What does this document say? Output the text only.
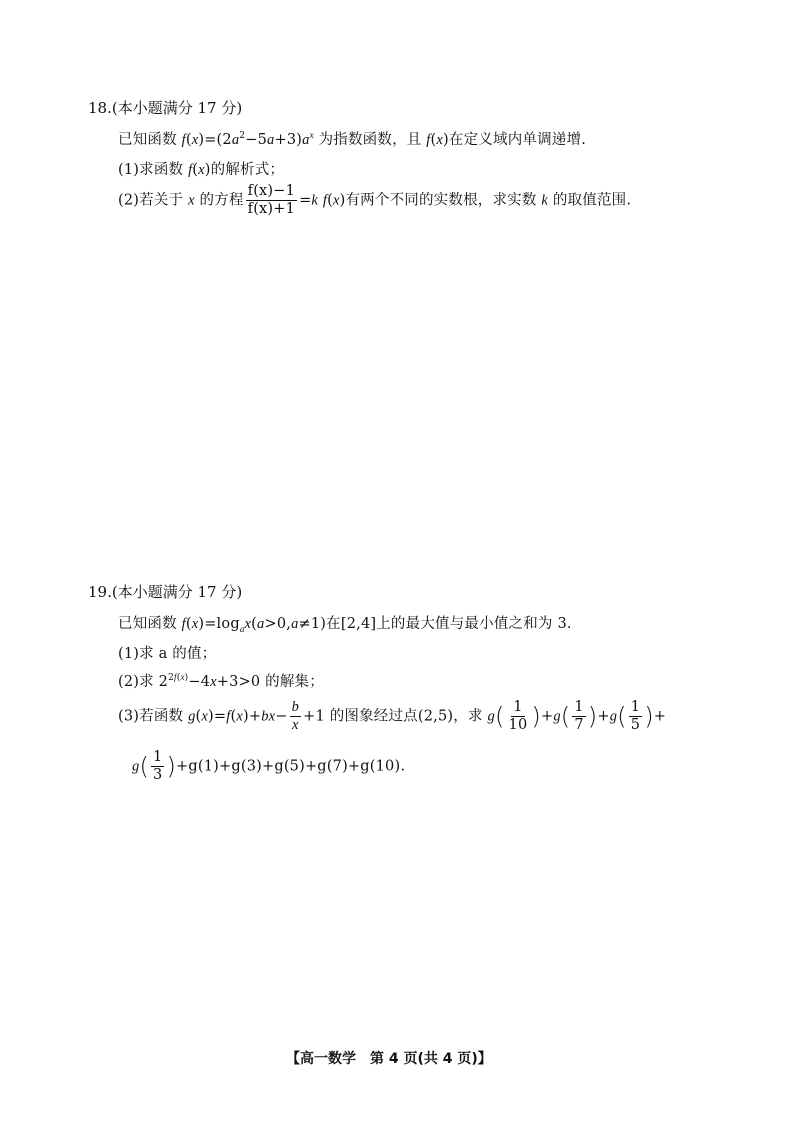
18.(本小题满分 17 分)
已知函数 $f(x)=(2a^2-5a+3)a^x$ 为指数函数，且 f(x)在定义域内单调递增.
(1)求函数 f(x)的解析式；
(2)若关于 x 的方程 $\frac{f(x)-1}{f(x)+1} =k$ f(x)有两个不同的实数根，求实数 k 的取值范围.
19.(本小题满分 17 分)
已知函数 $f(x)=\log_ax(a>0,a\ne 1)$在[2,4]上的最大值与最小值之和为 3.
(1)求 a 的值；
(2)求 $2^{2f(x)}-4x+3>0$ 的解集；
(3)若函数 $g(x)=f(x)+bx- \frac{b}{x} +1$ 的图象经过点(2,5)，求 $g( \frac{1}{10} )+g( \frac{1}{7} )+g( \frac{1}{5}$ )+
$g( \frac{1}{3} )+g(1)+g(3)+g(5)+g(7)+g(10)$.
【高一数学　第 4 页(共 4 页)】
